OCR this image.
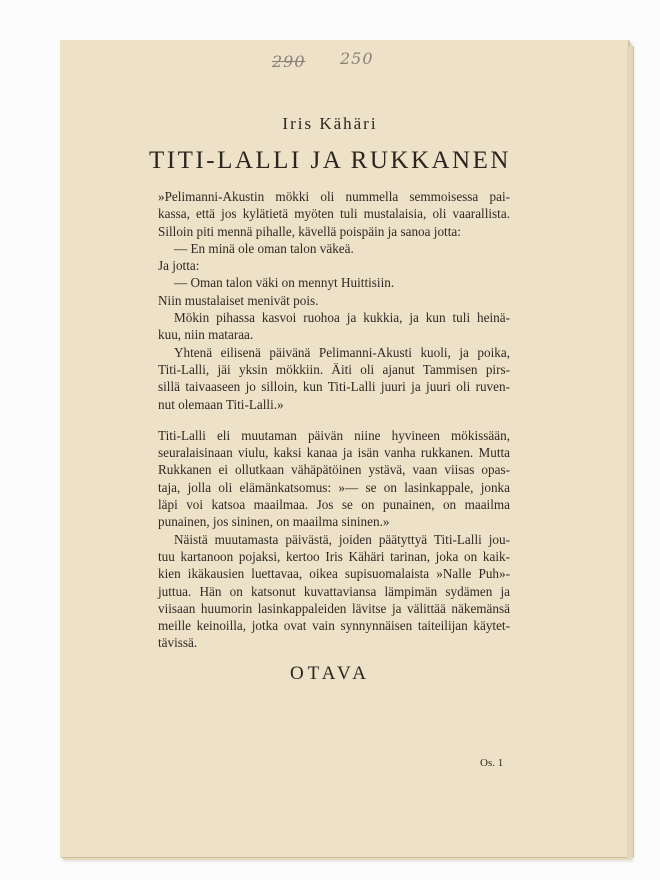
290 250
Iris Kähäri
TITI-LALLI JA RUKKANEN
»Pelimanni-Akustin mökki oli nummella semmoisessa pai-
kassa, että jos kylätietä myöten tuli mustalaisia, oli vaarallista.
Silloin piti mennä pihalle, kävellä poispäin ja sanoa jotta:
— En minä ole oman talon väkeä.
Ja jotta:
— Oman talon väki on mennyt Huittisiin.
Niin mustalaiset menivät pois.
Mökin pihassa kasvoi ruohoa ja kukkia, ja kun tuli heinä-
kuu, niin mataraa.
Yhtenä eilisenä päivänä Pelimanni-Akusti kuoli, ja poika,
Titi-Lalli, jäi yksin mökkiin. Äiti oli ajanut Tammisen pirs-
sillä taivaaseen jo silloin, kun Titi-Lalli juuri ja juuri oli ruven-
nut olemaan Titi-Lalli.»
Titi-Lalli eli muutaman päivän niine hyvineen mökissään,
seuralaisinaan viulu, kaksi kanaa ja isän vanha rukkanen. Mutta
Rukkanen ei ollutkaan vähäpätöinen ystävä, vaan viisas opas-
taja, jolla oli elämänkatsomus: »— se on lasinkappale, jonka
läpi voi katsoa maailmaa. Jos se on punainen, on maailma
punainen, jos sininen, on maailma sininen.»
Näistä muutamasta päivästä, joiden päätyttyä Titi-Lalli jou-
tuu kartanoon pojaksi, kertoo Iris Kähäri tarinan, joka on kaik-
kien ikäkausien luettavaa, oikea supisuomalaista »Nalle Puh»-
juttua. Hän on katsonut kuvattaviansa lämpimän sydämen ja
viisaan huumorin lasinkappaleiden lävitse ja välittää näkemänsä
meille keinoilla, jotka ovat vain synnynnäisen taiteilijan käytet-
tävissä.
OTAVA
Os. 1
